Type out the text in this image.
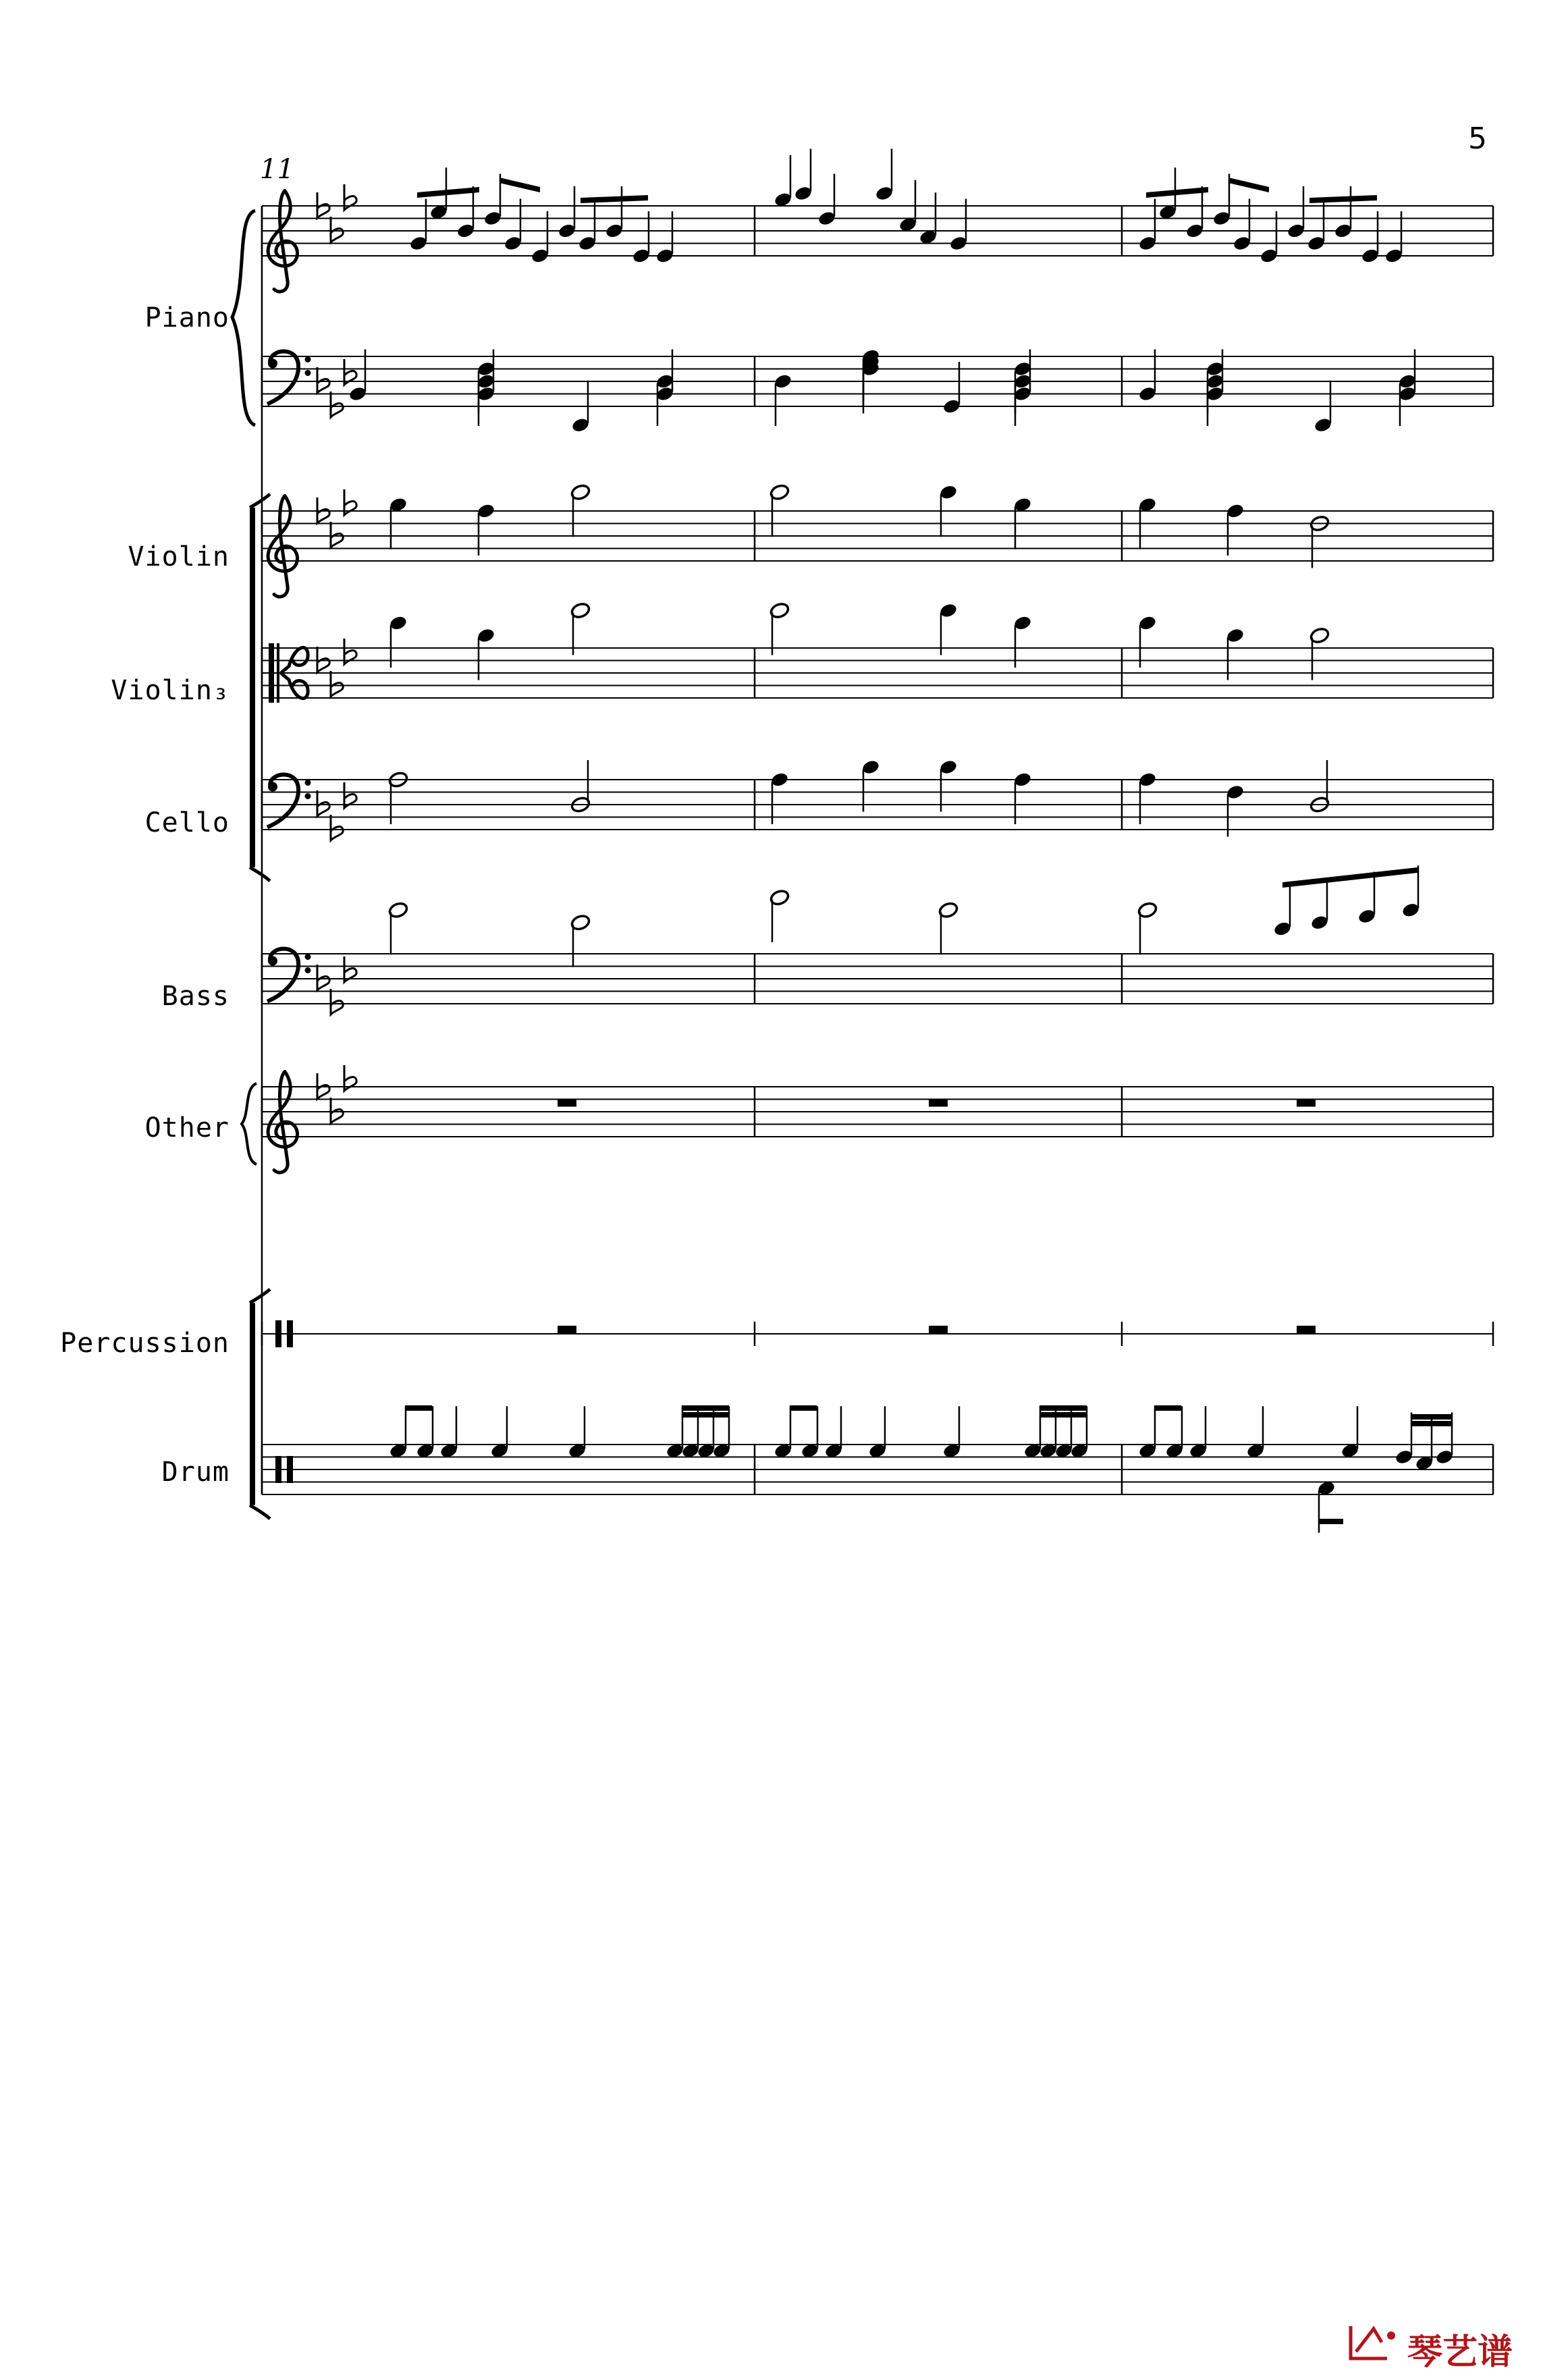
5
11
Piano
Violin
Violin₃
Cello
Bass
Other
Percussion
Drum
琴艺谱
